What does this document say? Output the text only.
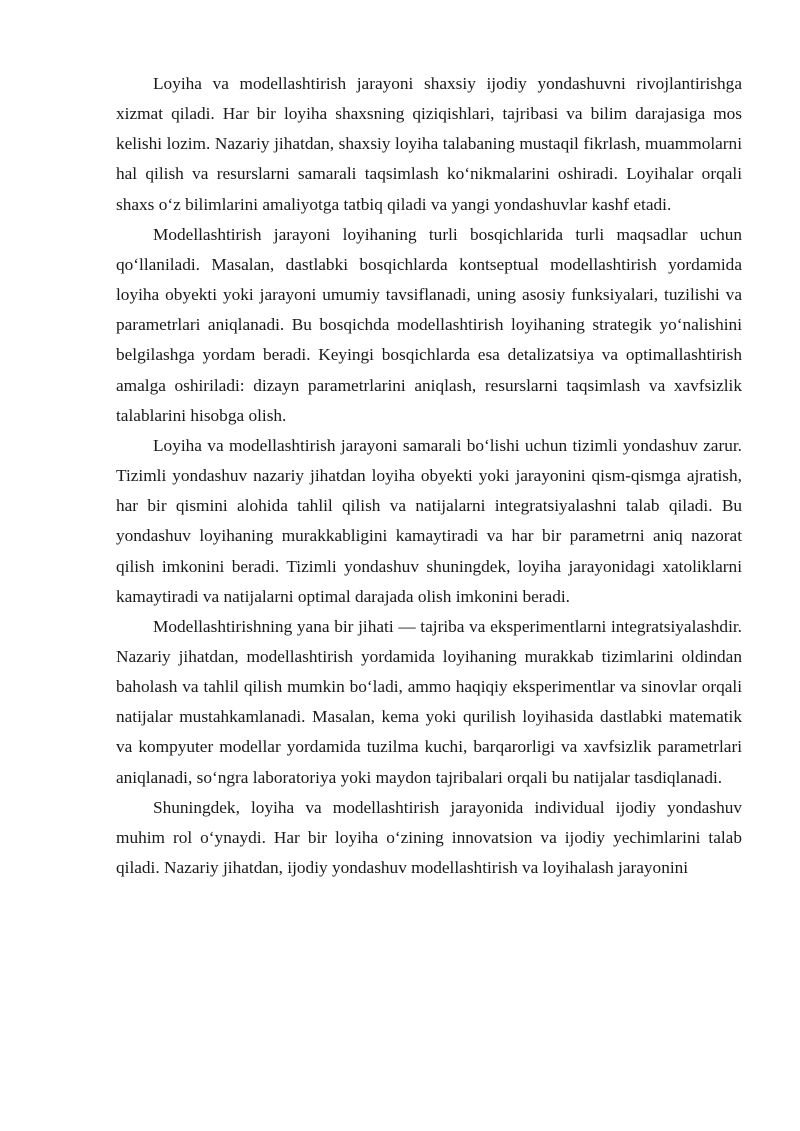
Loyiha va modellashtirish jarayoni shaxsiy ijodiy yondashuvni rivojlantirishga xizmat qiladi. Har bir loyiha shaxsning qiziqishlari, tajribasi va bilim darajasiga mos kelishi lozim. Nazariy jihatdan, shaxsiy loyiha talabaning mustaqil fikrlash, muammolarni hal qilish va resurslarni samarali taqsimlash ko‘nikmalarini oshiradi. Loyihalar orqali shaxs o‘z bilimlarini amaliyotga tatbiq qiladi va yangi yondashuvlar kashf etadi.

Modellashtirish jarayoni loyihaning turli bosqichlarida turli maqsadlar uchun qo‘llaniladi. Masalan, dastlabki bosqichlarda kontseptual modellashtirish yordamida loyiha obyekti yoki jarayoni umumiy tavsiflanadi, uning asosiy funksiyalari, tuzilishi va parametrlari aniqlanadi. Bu bosqichda modellashtirish loyihaning strategik yo‘nalishini belgilashga yordam beradi. Keyingi bosqichlarda esa detalizatsiya va optimallashtirish amalga oshiriladi: dizayn parametrlarini aniqlash, resurslarni taqsimlash va xavfsizlik talablarini hisobga olish.

Loyiha va modellashtirish jarayoni samarali bo‘lishi uchun tizimli yondashuv zarur. Tizimli yondashuv nazariy jihatdan loyiha obyekti yoki jarayonini qism-qismga ajratish, har bir qismini alohida tahlil qilish va natijalarni integratsiyalashni talab qiladi. Bu yondashuv loyihaning murakkabligini kamaytiradi va har bir parametrni aniq nazorat qilish imkonini beradi. Tizimli yondashuv shuningdek, loyiha jarayonidagi xatoliklarni kamaytiradi va natijalarni optimal darajada olish imkonini beradi.

Modellashtirishning yana bir jihati — tajriba va eksperimentlarni integratsiyalashdir. Nazariy jihatdan, modellashtirish yordamida loyihaning murakkab tizimlarini oldindan baholash va tahlil qilish mumkin bo‘ladi, ammo haqiqiy eksperimentlar va sinovlar orqali natijalar mustahkamlanadi. Masalan, kema yoki qurilish loyihasida dastlabki matematik va kompyuter modellar yordamida tuzilma kuchi, barqarorligi va xavfsizlik parametrlari aniqlanadi, so‘ngra laboratoriya yoki maydon tajribalari orqali bu natijalar tasdiqlanadi.

Shuningdek, loyiha va modellashtirish jarayonida individual ijodiy yondashuv muhim rol o‘ynaydi. Har bir loyiha o‘zining innovatsion va ijodiy yechimlarini talab qiladi. Nazariy jihatdan, ijodiy yondashuv modellashtirish va loyihalash jarayonini
